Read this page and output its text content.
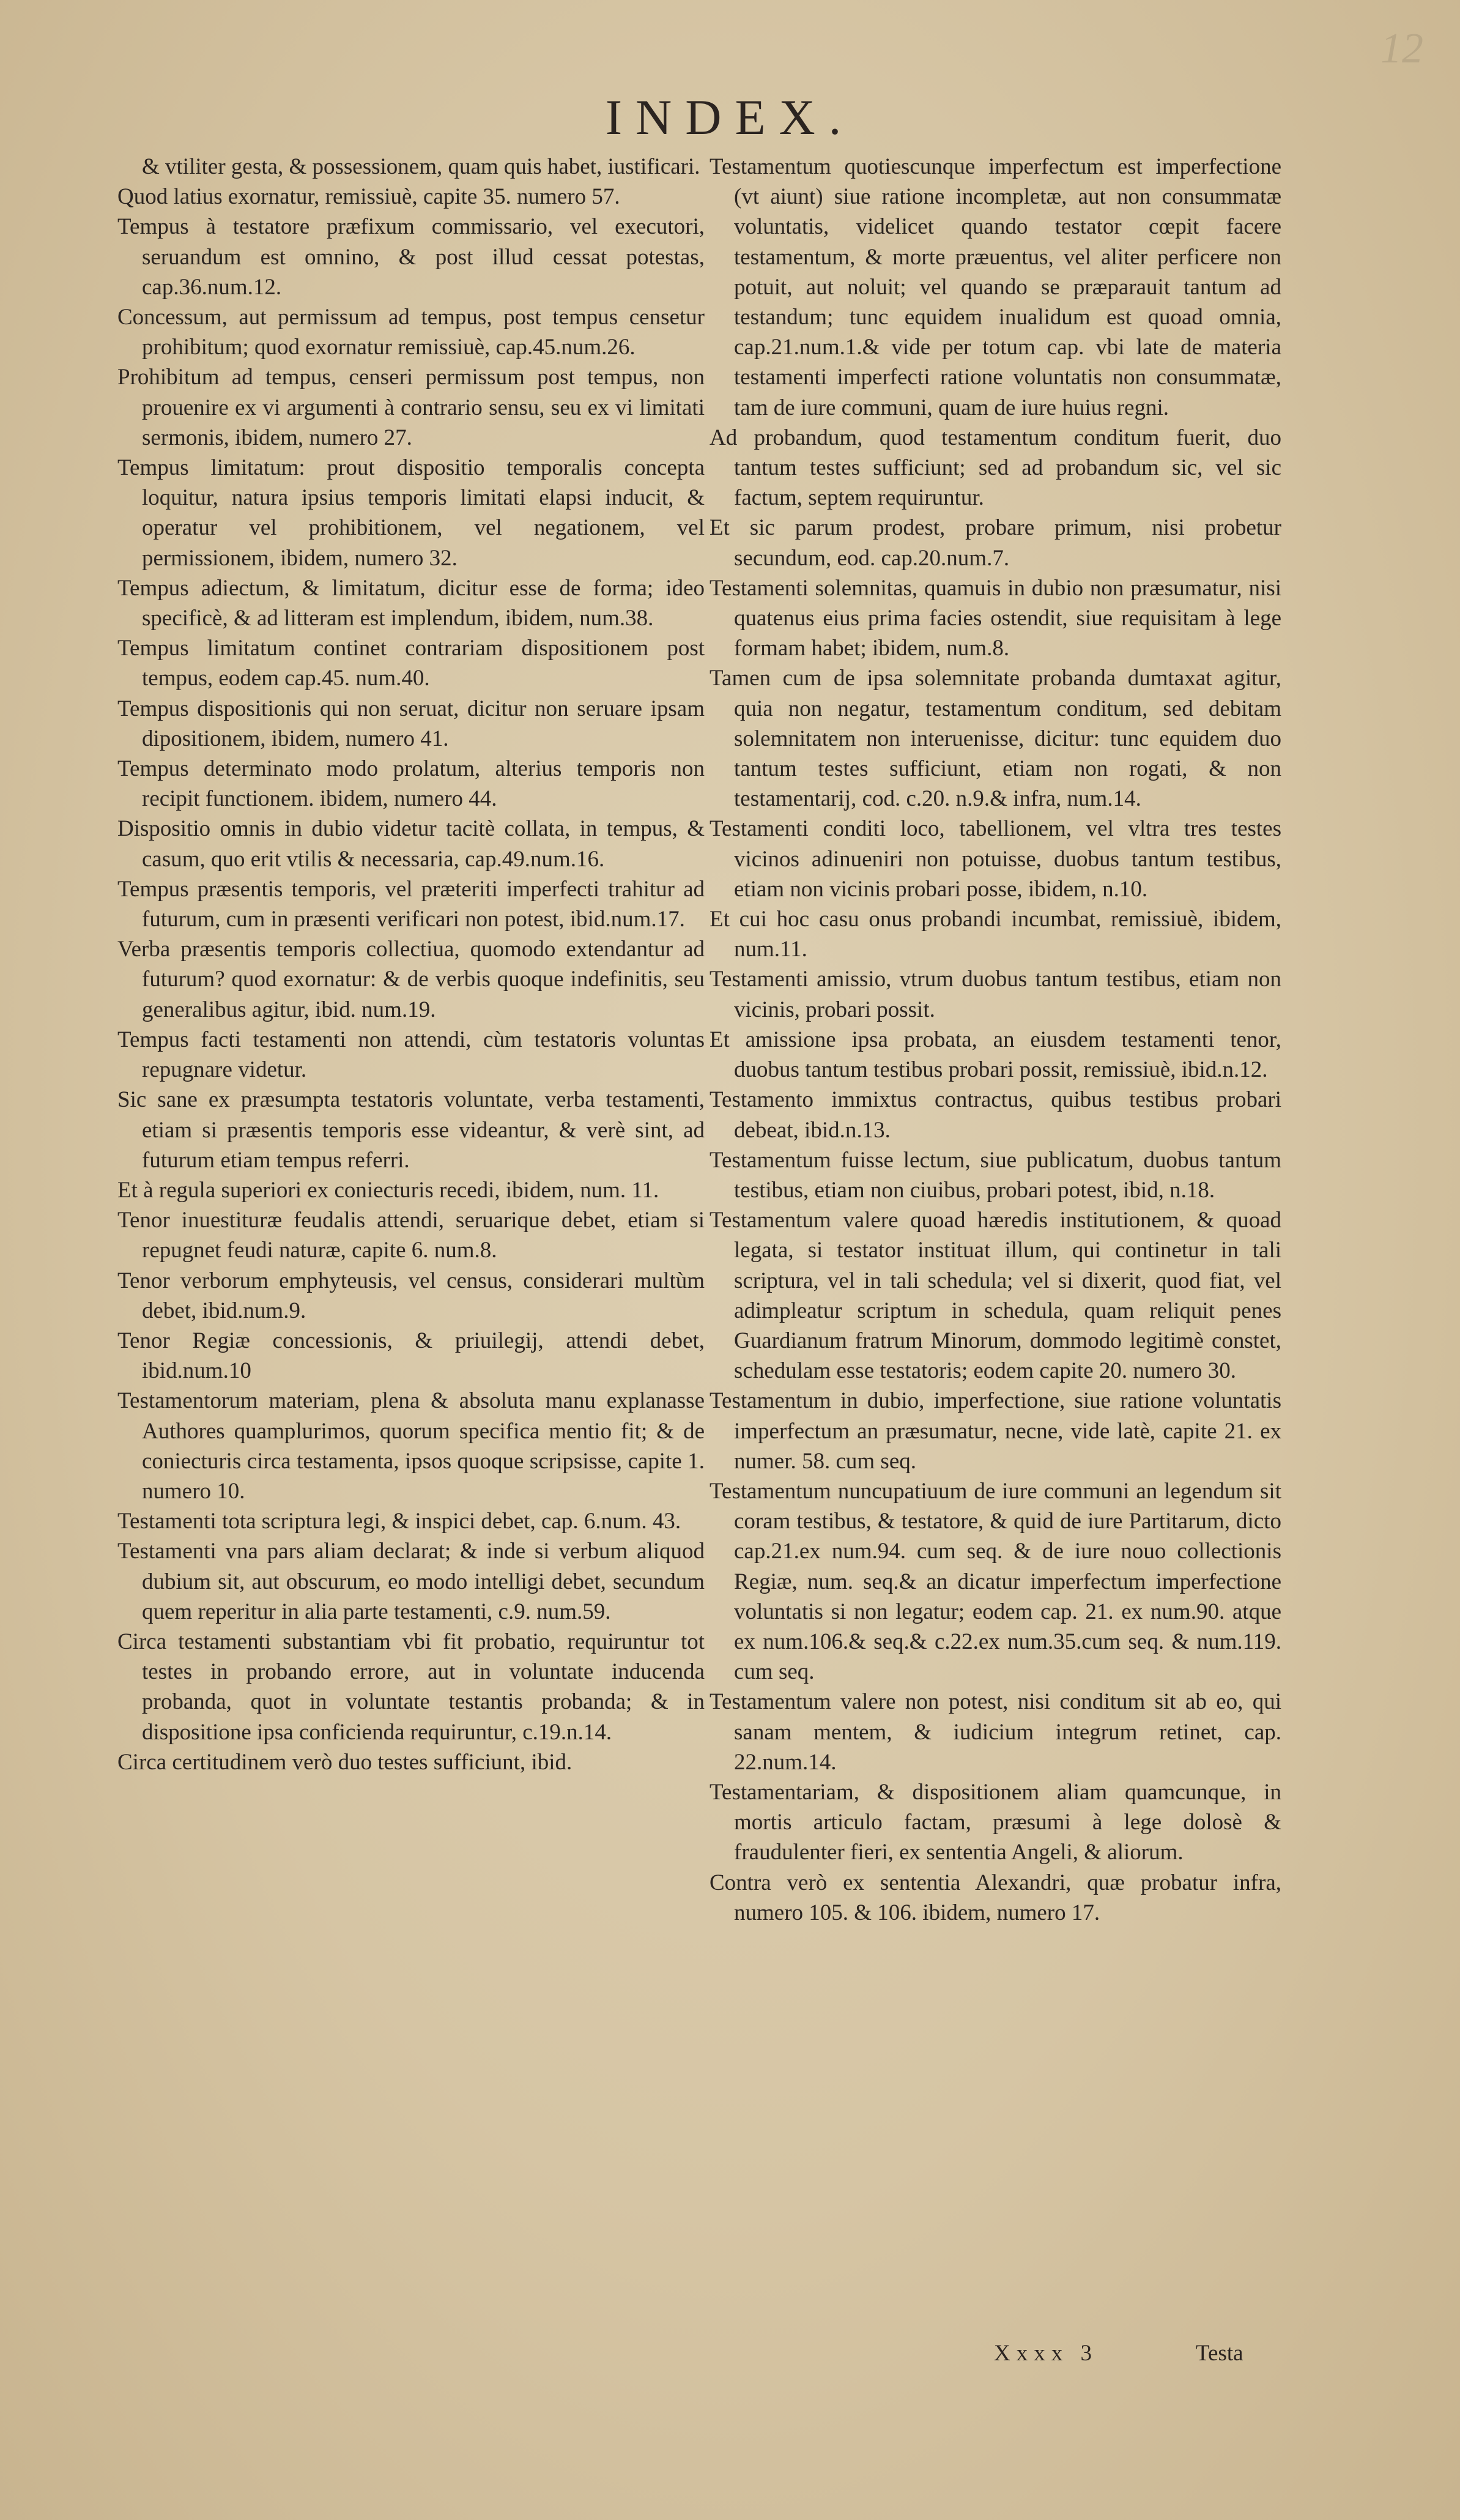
12
INDEX.

& vtiliter gesta, & possessionem, quam quis habet, iustificari.

Quod latius exornatur, remissiuè, capite 35. numero 57.

Tempus à testatore præfixum commissario, vel executori, seruandum est omnino, & post illud cessat potestas, cap.36.num.12.

Concessum, aut permissum ad tempus, post tempus censetur prohibitum; quod exornatur remissiuè, cap.45.num.26.

Prohibitum ad tempus, censeri permissum post tempus, non prouenire ex vi argumenti à contrario sensu, seu ex vi limitati sermonis, ibidem, numero 27.

Tempus limitatum: prout dispositio temporalis concepta loquitur, natura ipsius temporis limitati elapsi inducit, & operatur vel prohibitionem, vel negationem, vel permissionem, ibidem, numero 32.

Tempus adiectum, & limitatum, dicitur esse de forma; ideo specificè, & ad litteram est implendum, ibidem, num.38.

Tempus limitatum continet contrariam dispositionem post tempus, eodem cap.45. num.40.

Tempus dispositionis qui non seruat, dicitur non seruare ipsam dipositionem, ibidem, numero 41.

Tempus determinato modo prolatum, alterius temporis non recipit functionem. ibidem, numero 44.

Dispositio omnis in dubio videtur tacitè collata, in tempus, & casum, quo erit vtilis & necessaria, cap.49.num.16.

Tempus præsentis temporis, vel præteriti imperfecti trahitur ad futurum, cum in præsenti verificari non potest, ibid.num.17.

Verba præsentis temporis collectiua, quomodo extendantur ad futurum? quod exornatur: & de verbis quoque indefinitis, seu generalibus agitur, ibid. num.19.

Tempus facti testamenti non attendi, cùm testatoris voluntas repugnare videtur.

Sic sane ex præsumpta testatoris voluntate, verba testamenti, etiam si præsentis temporis esse videantur, & verè sint, ad futurum etiam tempus referri.

Et à regula superiori ex coniecturis recedi, ibidem, num. 11.

Tenor inuestituræ feudalis attendi, seruarique debet, etiam si repugnet feudi naturæ, capite 6. num.8.

Tenor verborum emphyteusis, vel census, considerari multùm debet, ibid.num.9.

Tenor Regiæ concessionis, & priuilegij, attendi debet, ibid.num.10

Testamentorum materiam, plena & absoluta manu explanasse Authores quamplurimos, quorum specifica mentio fit; & de coniecturis circa testamenta, ipsos quoque scripsisse, capite 1. numero 10.

Testamenti tota scriptura legi, & inspici debet, cap. 6.num. 43.

Testamenti vna pars aliam declarat; & inde si verbum aliquod dubium sit, aut obscurum, eo modo intelligi debet, secundum quem reperitur in alia parte testamenti, c.9. num.59.

Circa testamenti substantiam vbi fit probatio, requiruntur tot testes in probando errore, aut in voluntate inducenda probanda, quot in voluntate testantis probanda; & in dispositione ipsa conficienda requiruntur, c.19.n.14.

Circa certitudinem verò duo testes sufficiunt, ibid.

Testamentum quotiescunque imperfectum est imperfectione (vt aiunt) siue ratione incompletæ, aut non consummatæ voluntatis, videlicet quando testator cœpit facere testamentum, & morte præuentus, vel aliter perficere non potuit, aut noluit; vel quando se præparauit tantum ad testandum; tunc equidem inualidum est quoad omnia, cap.21.num.1.& vide per totum cap. vbi late de materia testamenti imperfecti ratione voluntatis non consummatæ, tam de iure communi, quam de iure huius regni.

Ad probandum, quod testamentum conditum fuerit, duo tantum testes sufficiunt; sed ad probandum sic, vel sic factum, septem requiruntur.

Et sic parum prodest, probare primum, nisi probetur secundum, eod. cap.20.num.7.

Testamenti solemnitas, quamuis in dubio non præsumatur, nisi quatenus eius prima facies ostendit, siue requisitam à lege formam habet; ibidem, num.8.

Tamen cum de ipsa solemnitate probanda dumtaxat agitur, quia non negatur, testamentum conditum, sed debitam solemnitatem non interuenisse, dicitur: tunc equidem duo tantum testes sufficiunt, etiam non rogati, & non testamentarij, cod. c.20. n.9.& infra, num.14.

Testamenti conditi loco, tabellionem, vel vltra tres testes vicinos adinueniri non potuisse, duobus tantum testibus, etiam non vicinis probari posse, ibidem, n.10.

Et cui hoc casu onus probandi incumbat, remissiuè, ibidem, num.11.

Testamenti amissio, vtrum duobus tantum testibus, etiam non vicinis, probari possit.

Et amissione ipsa probata, an eiusdem testamenti tenor, duobus tantum testibus probari possit, remissiuè, ibid.n.12.

Testamento immixtus contractus, quibus testibus probari debeat, ibid.n.13.

Testamentum fuisse lectum, siue publicatum, duobus tantum testibus, etiam non ciuibus, probari potest, ibid, n.18.

Testamentum valere quoad hæredis institutionem, & quoad legata, si testator instituat illum, qui continetur in tali scriptura, vel in tali schedula; vel si dixerit, quod fiat, vel adimpleatur scriptum in schedula, quam reliquit penes Guardianum fratrum Minorum, dommodo legitimè constet, schedulam esse testatoris; eodem capite 20. numero 30.

Testamentum in dubio, imperfectione, siue ratione voluntatis imperfectum an præsumatur, necne, vide latè, capite 21. ex numer. 58. cum seq.

Testamentum nuncupatiuum de iure communi an legendum sit coram testibus, & testatore, & quid de iure Partitarum, dicto cap.21.ex num.94. cum seq. & de iure nouo collectionis Regiæ, num. seq.& an dicatur imperfectum imperfectione voluntatis si non legatur; eodem cap. 21. ex num.90. atque ex num.106.& seq.& c.22.ex num.35.cum seq. & num.119. cum seq.

Testamentum valere non potest, nisi conditum sit ab eo, qui sanam mentem, & iudicium integrum retinet, cap. 22.num.14.

Testamentariam, & dispositionem aliam quamcunque, in mortis articulo factam, præsumi à lege dolosè & fraudulenter fieri, ex sententia Angeli, & aliorum.

Contra verò ex sententia Alexandri, quæ probatur infra, numero 105. & 106. ibidem, numero 17.

Xxxx 3	Testa
